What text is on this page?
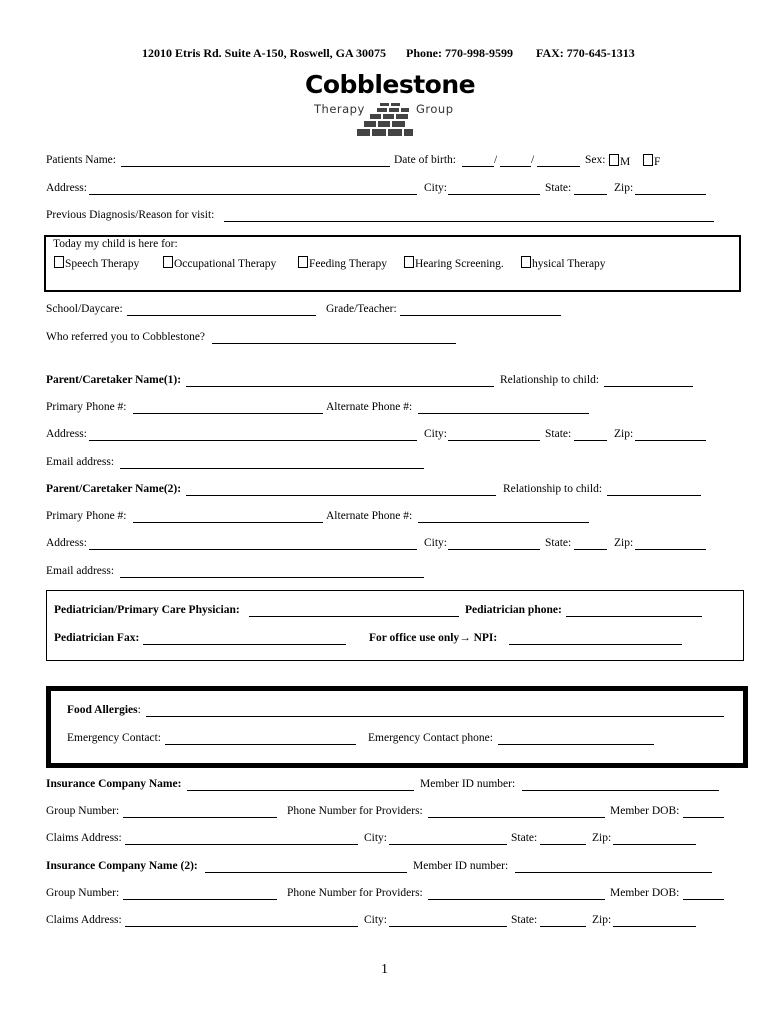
12010 Etris Rd. Suite A-150, Roswell, GA 30075 Phone: 770-998-9599 FAX: 770-645-1313
Cobblestone
Therapy	Group
Patients Name:	Date of birth:	/	/	Sex:	M	F
Address:	City:	State:	Zip:
Previous Diagnosis/Reason for visit:
Today my child is here for:
Speech Therapy	Occupational Therapy	Feeding Therapy	Hearing Screening.	hysical Therapy
School/Daycare:	Grade/Teacher:
Who referred you to Cobblestone?
Parent/Caretaker Name(1):	Relationship to child:
Primary Phone #:	Alternate Phone #:
Address:	City:	State:	Zip:
Email address:
Parent/Caretaker Name(2):	Relationship to child:
Primary Phone #:	Alternate Phone #:
Address:	City:	State:	Zip:
Email address:
Pediatrician/Primary Care Physician:	Pediatrician phone:
Pediatrician Fax:	For office use only→ NPI:
Food Allergies:
Emergency Contact:	Emergency Contact phone:
Insurance Company Name:	Member ID number:
Group Number:	Phone Number for Providers:	Member DOB:
Claims Address:	City:	State:	Zip:
Insurance Company Name (2):	Member ID number:
Group Number:	Phone Number for Providers:	Member DOB:
Claims Address:	City:	State:	Zip:
1
